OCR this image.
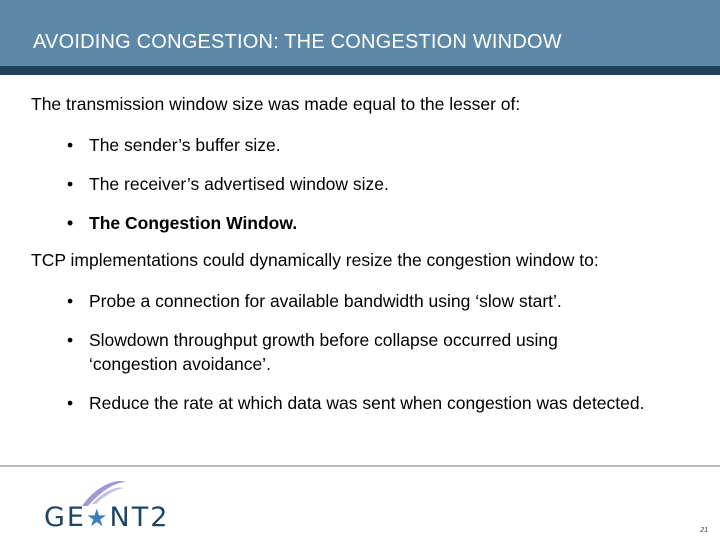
AVOIDING CONGESTION: THE CONGESTION WINDOW
The transmission window size was made equal to the lesser of:
• The sender’s buffer size.
• The receiver’s advertised window size.
• The Congestion Window.
TCP implementations could dynamically resize the congestion window to:
• Probe a connection for available bandwidth using ‘slow start’.
• Slowdown throughput growth before collapse occurred using ‘congestion avoidance’.
• Reduce the rate at which data was sent when congestion was detected.
GE★NT2	21
